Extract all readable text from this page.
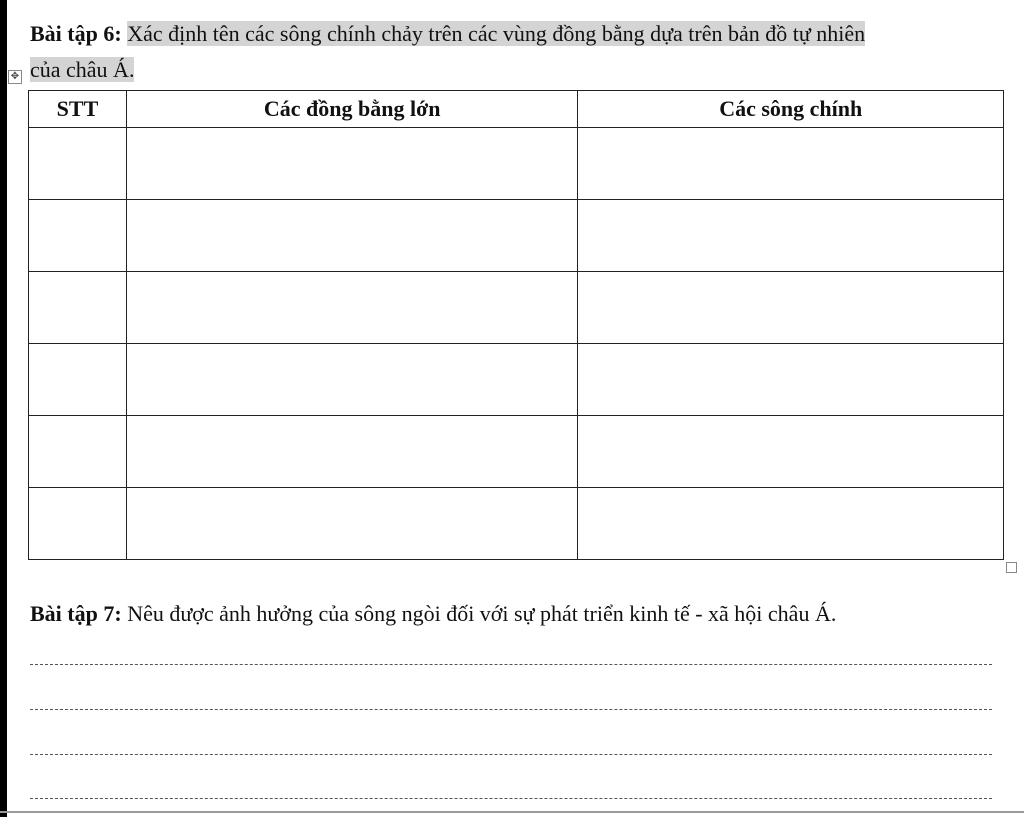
Bài tập 6: Xác định tên các sông chính chảy trên các vùng đồng bằng dựa trên bản đồ tự nhiên
của châu Á.
✥
STT	Các đồng bằng lớn	Các sông chính

Bài tập 7: Nêu được ảnh hưởng của sông ngòi đối với sự phát triển kinh tế - xã hội châu Á.
